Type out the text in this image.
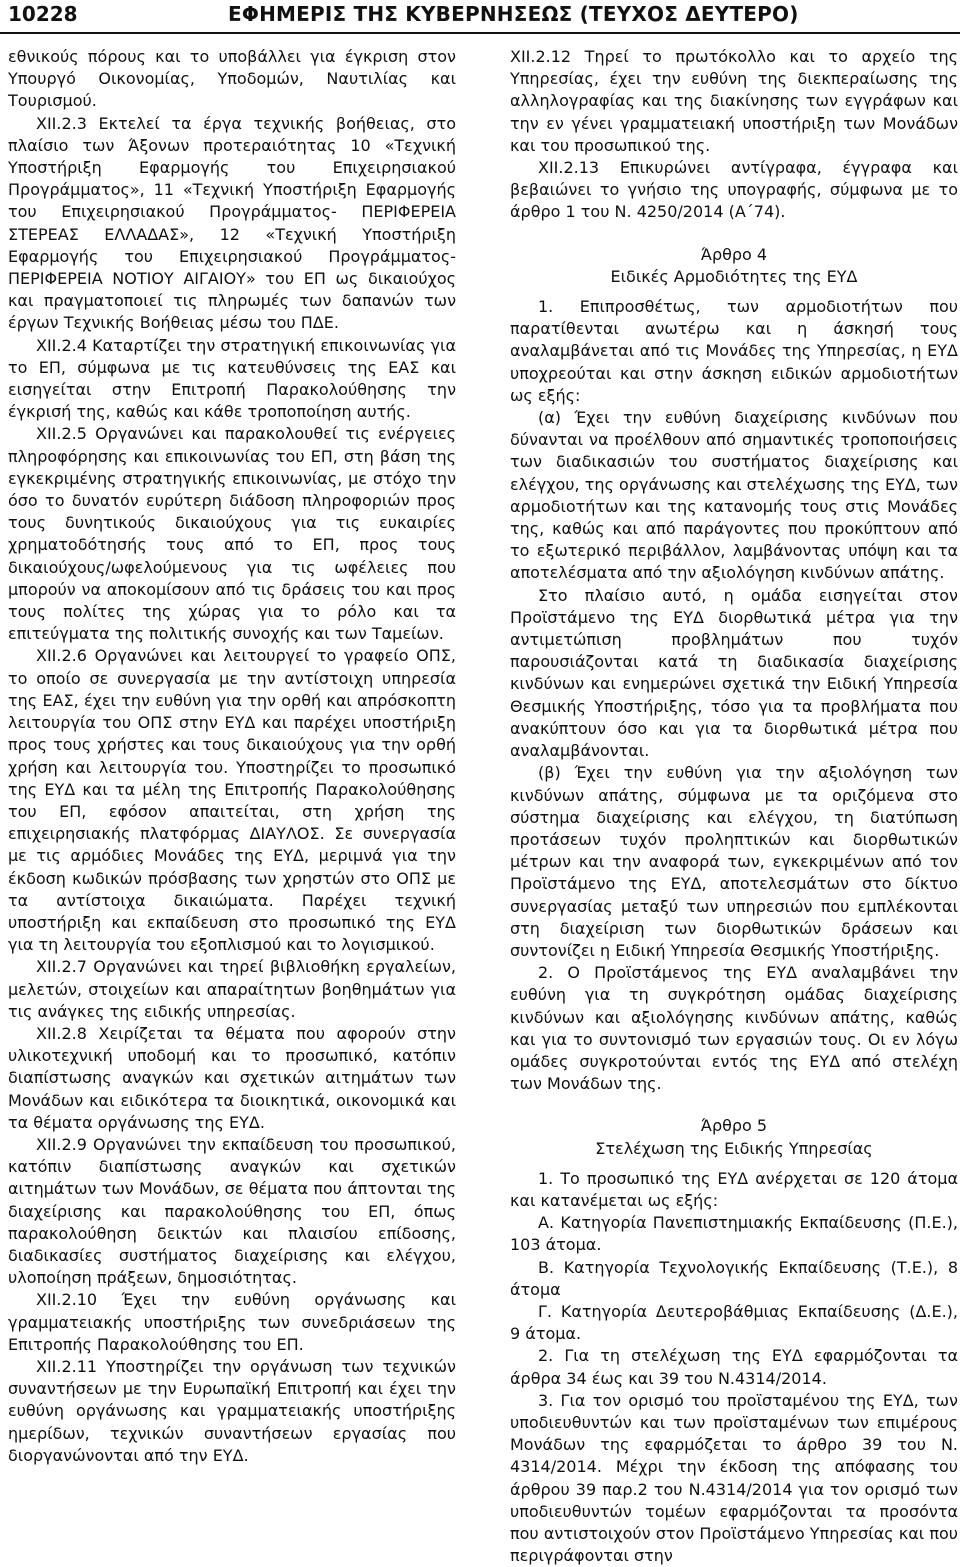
10228	ΕΦΗΜΕΡΙΣ ΤΗΣ ΚΥΒΕΡΝΗΣΕΩΣ (ΤΕΥΧΟΣ ΔΕΥΤΕΡΟ)

εθνικούς πόρους και το υποβάλλει για έγκριση στον Υπουργό Οικονομίας, Υποδομών, Ναυτιλίας και Τουρισμού.

XII.2.3 Εκτελεί τα έργα τεχνικής βοήθειας, στο πλαίσιο των Άξονων προτεραιότητας 10 «Τεχνική Υποστήριξη Εφαρμογής του Επιχειρησιακού Προγράμματος», 11 «Τεχνική Υποστήριξη Εφαρμογής του Επιχειρησιακού Προγράμματος- ΠΕΡΙΦΕΡΕΙΑ ΣΤΕΡΕΑΣ ΕΛΛΑΔΑΣ», 12 «Τεχνική Υποστήριξη Εφαρμογής του Επιχειρησιακού Προγράμματος-ΠΕΡΙΦΕΡΕΙΑ ΝΟΤΙΟΥ ΑΙΓΑΙΟΥ» του ΕΠ ως δικαιούχος και πραγματοποιεί τις πληρωμές των δαπανών των έργων Τεχνικής Βοήθειας μέσω του ΠΔΕ.

XII.2.4 Καταρτίζει την στρατηγική επικοινωνίας για το ΕΠ, σύμφωνα με τις κατευθύνσεις της ΕΑΣ και εισηγείται στην Επιτροπή Παρακολούθησης την έγκρισή της, καθώς και κάθε τροποποίηση αυτής.

XII.2.5 Οργανώνει και παρακολουθεί τις ενέργειες πληροφόρησης και επικοινωνίας του ΕΠ, στη βάση της εγκεκριμένης στρατηγικής επικοινωνίας, με στόχο την όσο το δυνατόν ευρύτερη διάδοση πληροφοριών προς τους δυνητικούς δικαιούχους για τις ευκαιρίες χρηματοδότησής τους από το ΕΠ, προς τους δικαιούχους/ωφελούμενους για τις ωφέλειες που μπορούν να αποκομίσουν από τις δράσεις του και προς τους πολίτες της χώρας για το ρόλο και τα επιτεύγματα της πολιτικής συνοχής και των Ταμείων.

XII.2.6 Οργανώνει και λειτουργεί το γραφείο ΟΠΣ, το οποίο σε συνεργασία με την αντίστοιχη υπηρεσία της ΕΑΣ, έχει την ευθύνη για την ορθή και απρόσκοπτη λειτουργία του ΟΠΣ στην ΕΥΔ και παρέχει υποστήριξη προς τους χρήστες και τους δικαιούχους για την ορθή χρήση και λειτουργία του. Υποστηρίζει το προσωπικό της ΕΥΔ και τα μέλη της Επιτροπής Παρακολούθησης του ΕΠ, εφόσον απαιτείται, στη χρήση της επιχειρησιακής πλατφόρμας ΔΙΑΥΛΟΣ. Σε συνεργασία με τις αρμόδιες Μονάδες της ΕΥΔ, μεριμνά για την έκδοση κωδικών πρόσβασης των χρηστών στο ΟΠΣ με τα αντίστοιχα δικαιώματα. Παρέχει τεχνική υποστήριξη και εκπαίδευση στο προσωπικό της ΕΥΔ για τη λειτουργία του εξοπλισμού και το λογισμικού.

XII.2.7 Οργανώνει και τηρεί βιβλιοθήκη εργαλείων, μελετών, στοιχείων και απαραίτητων βοηθημάτων για τις ανάγκες της ειδικής υπηρεσίας.

XII.2.8 Χειρίζεται τα θέματα που αφορούν στην υλικοτεχνική υποδομή και το προσωπικό, κατόπιν διαπίστωσης αναγκών και σχετικών αιτημάτων των Μονάδων και ειδικότερα τα διοικητικά, οικονομικά και τα θέματα οργάνωσης της ΕΥΔ.

XII.2.9 Οργανώνει την εκπαίδευση του προσωπικού, κατόπιν διαπίστωσης αναγκών και σχετικών αιτημάτων των Μονάδων, σε θέματα που άπτονται της διαχείρισης και παρακολούθησης του ΕΠ, όπως παρακολούθηση δεικτών και πλαισίου επίδοσης, διαδικασίες συστήματος διαχείρισης και ελέγχου, υλοποίηση πράξεων, δημοσιότητας.

XII.2.10 Έχει την ευθύνη οργάνωσης και γραμματειακής υποστήριξης των συνεδριάσεων της Επιτροπής Παρακολούθησης του ΕΠ.

XII.2.11 Υποστηρίζει την οργάνωση των τεχνικών συναντήσεων με την Ευρωπαϊκή Επιτροπή και έχει την ευθύνη οργάνωσης και γραμματειακής υποστήριξης ημερίδων, τεχνικών συναντήσεων εργασίας που διοργανώνονται από την ΕΥΔ.

XII.2.12 Τηρεί το πρωτόκολλο και το αρχείο της Υπηρεσίας, έχει την ευθύνη της διεκπεραίωσης της αλληλογραφίας και της διακίνησης των εγγράφων και την εν γένει γραμματειακή υποστήριξη των Μονάδων και του προσωπικού της.

XII.2.13 Επικυρώνει αντίγραφα, έγγραφα και βεβαιώνει το γνήσιο της υπογραφής, σύμφωνα με το άρθρο 1 του Ν. 4250/2014 (Α΄74).

Άρθρο 4

Ειδικές Αρμοδιότητες της ΕΥΔ

1. Επιπροσθέτως, των αρμοδιοτήτων που παρατίθενται ανωτέρω και η άσκησή τους αναλαμβάνεται από τις Μονάδες της Υπηρεσίας, η ΕΥΔ υποχρεούται και στην άσκηση ειδικών αρμοδιοτήτων ως εξής:

(α) Έχει την ευθύνη διαχείρισης κινδύνων που δύνανται να προέλθουν από σημαντικές τροποποιήσεις των διαδικασιών του συστήματος διαχείρισης και ελέγχου, της οργάνωσης και στελέχωσης της ΕΥΔ, των αρμοδιοτήτων και της κατανομής τους στις Μονάδες της, καθώς και από παράγοντες που προκύπτουν από το εξωτερικό περιβάλλον, λαμβάνοντας υπόψη και τα αποτελέσματα από την αξιολόγηση κινδύνων απάτης.

Στο πλαίσιο αυτό, η ομάδα εισηγείται στον Προϊστάμενο της ΕΥΔ διορθωτικά μέτρα για την αντιμετώπιση προβλημάτων που τυχόν παρουσιάζονται κατά τη διαδικασία διαχείρισης κινδύνων και ενημερώνει σχετικά την Ειδική Υπηρεσία Θεσμικής Υποστήριξης, τόσο για τα προβλήματα που ανακύπτουν όσο και για τα διορθωτικά μέτρα που αναλαμβάνονται.

(β) Έχει την ευθύνη για την αξιολόγηση των κινδύνων απάτης, σύμφωνα με τα οριζόμενα στο σύστημα διαχείρισης και ελέγχου, τη διατύπωση προτάσεων τυχόν προληπτικών και διορθωτικών μέτρων και την αναφορά των, εγκεκριμένων από τον Προϊστάμενο της ΕΥΔ, αποτελεσμάτων στο δίκτυο συνεργασίας μεταξύ των υπηρεσιών που εμπλέκονται στη διαχείριση των διορθωτικών δράσεων και συντονίζει η Ειδική Υπηρεσία Θεσμικής Υποστήριξης.

2. Ο Προϊστάμενος της ΕΥΔ αναλαμβάνει την ευθύνη για τη συγκρότηση ομάδας διαχείρισης κινδύνων και αξιολόγησης κινδύνων απάτης, καθώς και για το συντονισμό των εργασιών τους. Οι εν λόγω ομάδες συγκροτούνται εντός της ΕΥΔ από στελέχη των Μονάδων της.

Άρθρο 5

Στελέχωση της Ειδικής Υπηρεσίας

1. Το προσωπικό της ΕΥΔ ανέρχεται σε 120 άτομα και κατανέμεται ως εξής:

Α. Κατηγορία Πανεπιστημιακής Εκπαίδευσης (Π.Ε.), 103 άτομα.

Β. Κατηγορία Τεχνολογικής Εκπαίδευσης (Τ.Ε.), 8 άτομα

Γ. Κατηγορία Δευτεροβάθμιας Εκπαίδευσης (Δ.Ε.), 9 άτομα.

2. Για τη στελέχωση της ΕΥΔ εφαρμόζονται τα άρθρα 34 έως και 39 του Ν.4314/2014.

3. Για τον ορισμό του προϊσταμένου της ΕΥΔ, των υποδιευθυντών και των προϊσταμένων των επιμέρους Μονάδων της εφαρμόζεται το άρθρο 39 του Ν. 4314/2014. Μέχρι την έκδοση της απόφασης του άρθρου 39 παρ.2 του Ν.4314/2014 για τον ορισμό των υποδιευθυντών τομέων εφαρμόζονται τα προσόντα που αντιστοιχούν στον Προϊστάμενο Υπηρεσίας και που περιγράφονται στην
